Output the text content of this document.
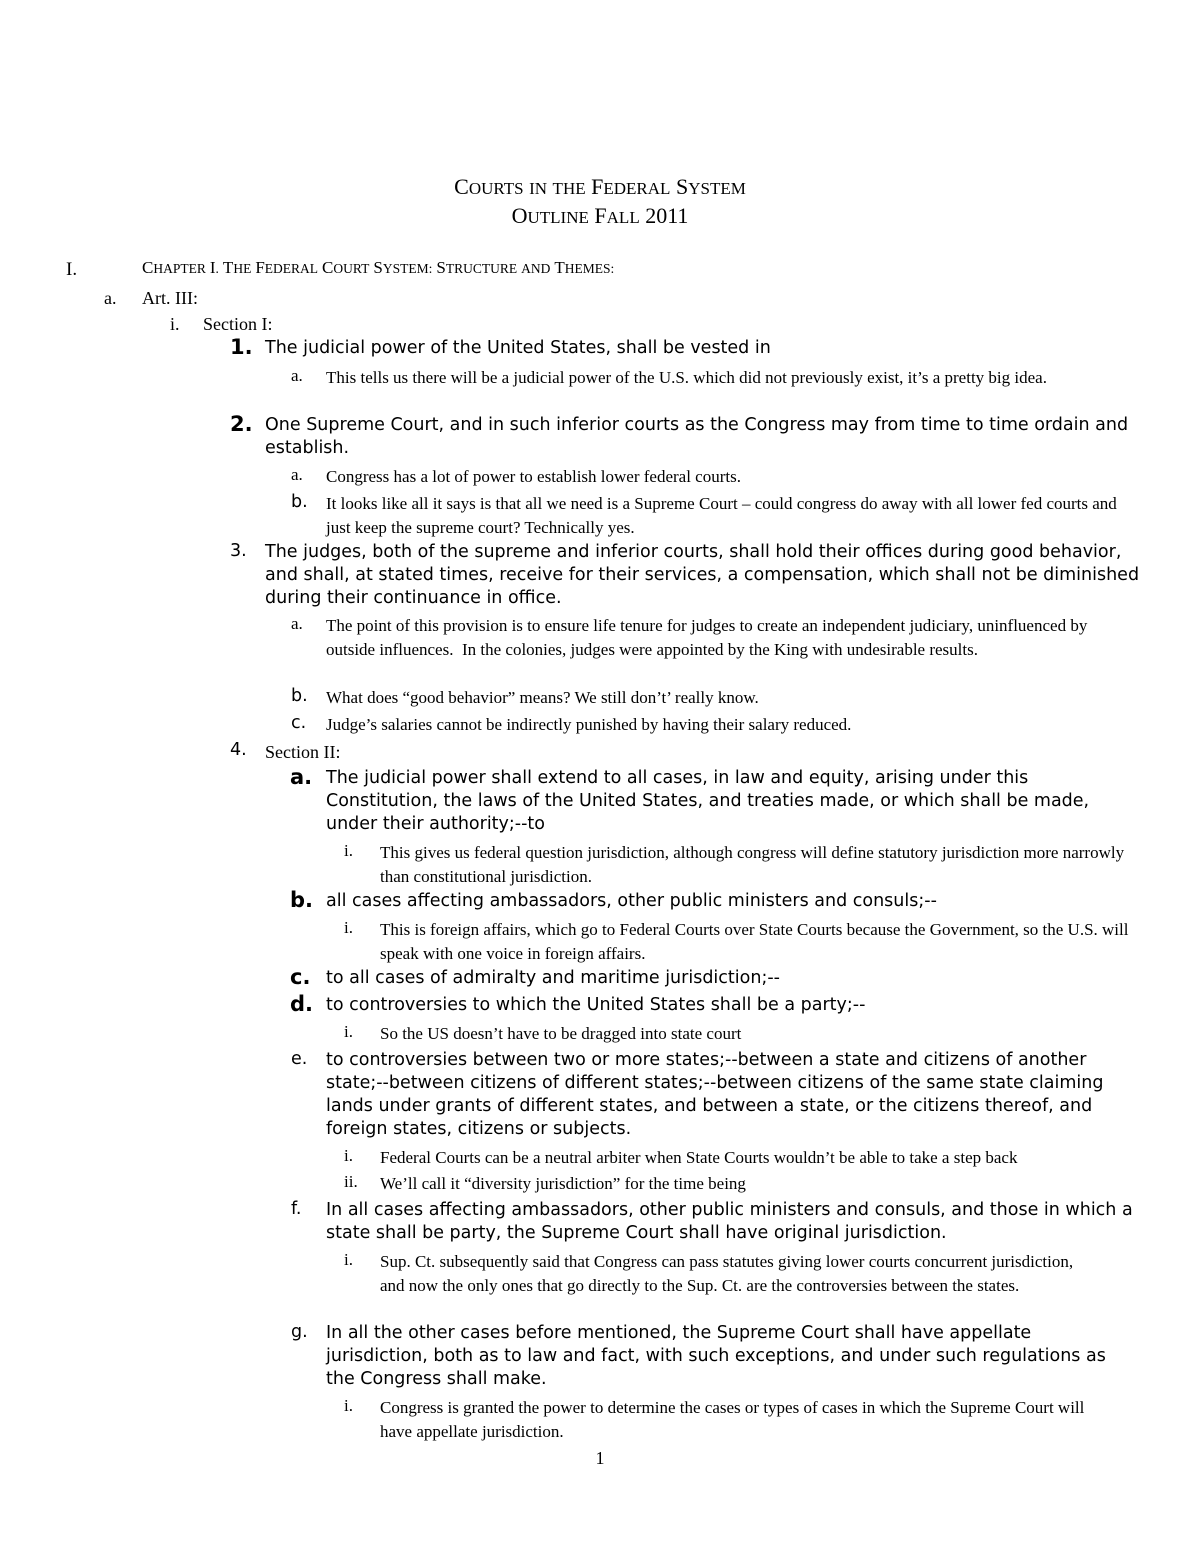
COURTS IN THE FEDERAL SYSTEM
OUTLINE FALL 2011
I.	CHAPTER I. THE FEDERAL COURT SYSTEM: STRUCTURE AND THEMES:
a. Art. III:
i. Section I:
1. The judicial power of the United States, shall be vested in
a. This tells us there will be a judicial power of the U.S. which did not previously exist, it’s a pretty big idea.
2. One Supreme Court, and in such inferior courts as the Congress may from time to time ordain and establish.
a. Congress has a lot of power to establish lower federal courts.
b. It looks like all it says is that all we need is a Supreme Court – could congress do away with all lower fed courts and just keep the supreme court? Technically yes.
3. The judges, both of the supreme and inferior courts, shall hold their offices during good behavior, and shall, at stated times, receive for their services, a compensation, which shall not be diminished during their continuance in office.
a. The point of this provision is to ensure life tenure for judges to create an independent judiciary, uninfluenced by outside influences.  In the colonies, judges were appointed by the King with undesirable results.
b. What does “good behavior” means? We still don’t’ really know.
c. Judge’s salaries cannot be indirectly punished by having their salary reduced.
4. Section II:
a. The judicial power shall extend to all cases, in law and equity, arising under this Constitution, the laws of the United States, and treaties made, or which shall be made, under their authority;--to
i. This gives us federal question jurisdiction, although congress will define statutory jurisdiction more narrowly than constitutional jurisdiction.
b. all cases affecting ambassadors, other public ministers and consuls;--
i. This is foreign affairs, which go to Federal Courts over State Courts because the Government, so the U.S. will speak with one voice in foreign affairs.
c. to all cases of admiralty and maritime jurisdiction;--
d. to controversies to which the United States shall be a party;--
i. So the US doesn’t have to be dragged into state court
e. to controversies between two or more states;--between a state and citizens of another state;--between citizens of different states;--between citizens of the same state claiming lands under grants of different states, and between a state, or the citizens thereof, and foreign states, citizens or subjects.
i. Federal Courts can be a neutral arbiter when State Courts wouldn’t be able to take a step back
ii. We’ll call it “diversity jurisdiction” for the time being
f. In all cases affecting ambassadors, other public ministers and consuls, and those in which a state shall be party, the Supreme Court shall have original jurisdiction.
i. Sup. Ct. subsequently said that Congress can pass statutes giving lower courts concurrent jurisdiction, and now the only ones that go directly to the Sup. Ct. are the controversies between the states.
g. In all the other cases before mentioned, the Supreme Court shall have appellate jurisdiction, both as to law and fact, with such exceptions, and under such regulations as the Congress shall make.
i. Congress is granted the power to determine the cases or types of cases in which the Supreme Court will have appellate jurisdiction.
1
